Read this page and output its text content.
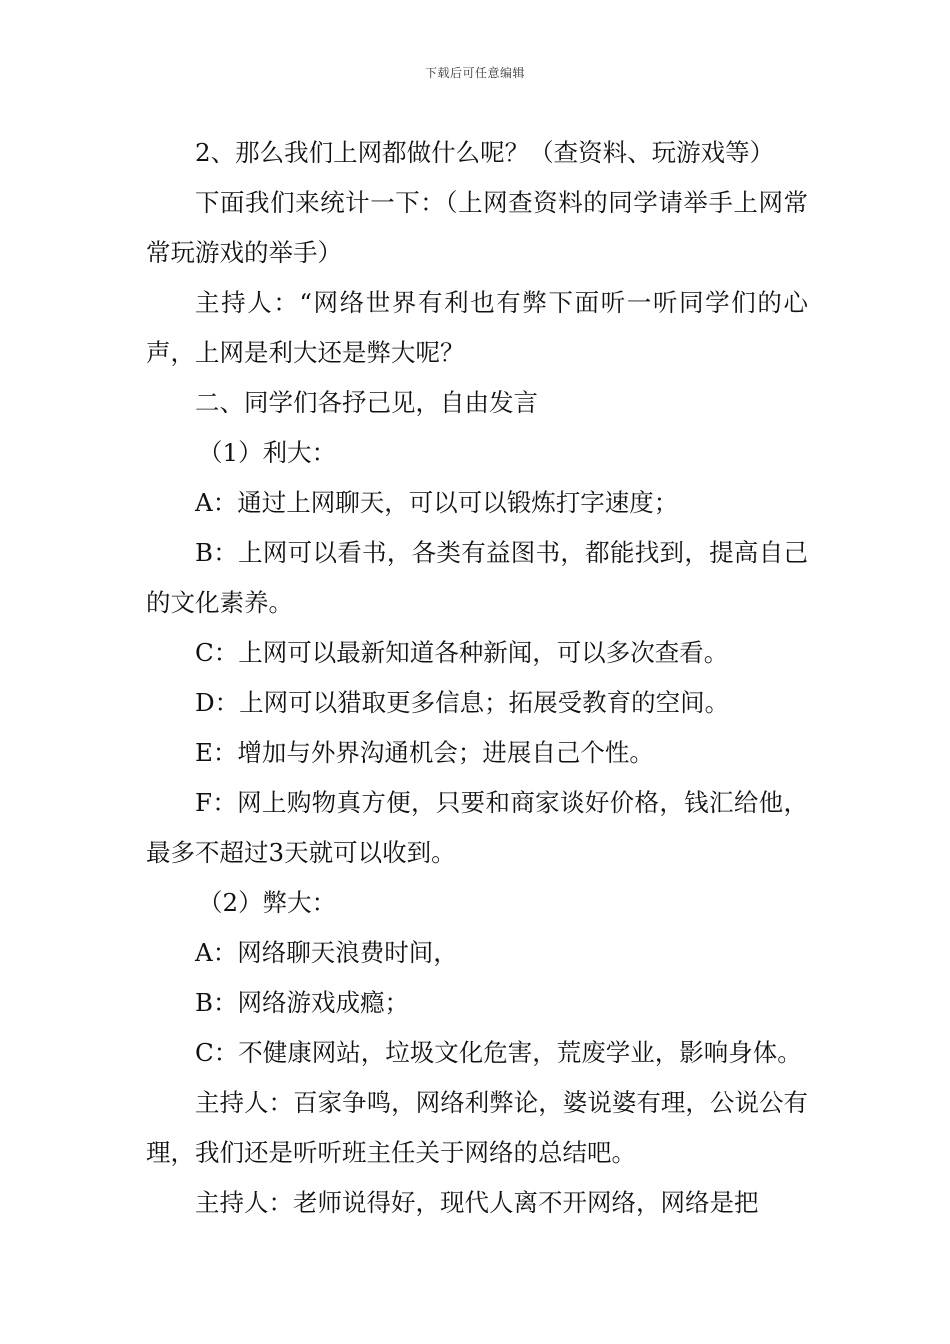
下载后可任意编辑

2、那么我们上网都做什么呢？（查资料、玩游戏等）

下面我们来统计一下：（上网查资料的同学请举手上网常常玩游戏的举手）

主持人：“网络世界有利也有弊下面听一听同学们的心声，上网是利大还是弊大呢？

二、同学们各抒己见，自由发言

（1）利大：

A：通过上网聊天，可以可以锻炼打字速度；

B：上网可以看书，各类有益图书，都能找到，提高自己的文化素养。

C：上网可以最新知道各种新闻，可以多次查看。

D：上网可以猎取更多信息；拓展受教育的空间。

E：增加与外界沟通机会；进展自己个性。

F：网上购物真方便，只要和商家谈好价格，钱汇给他，最多不超过3天就可以收到。

（2）弊大：

A：网络聊天浪费时间，

B：网络游戏成瘾；

C：不健康网站，垃圾文化危害，荒废学业，影响身体。

主持人：百家争鸣，网络利弊论，婆说婆有理，公说公有理，我们还是听听班主任关于网络的总结吧。

主持人：老师说得好，现代人离不开网络，网络是把
